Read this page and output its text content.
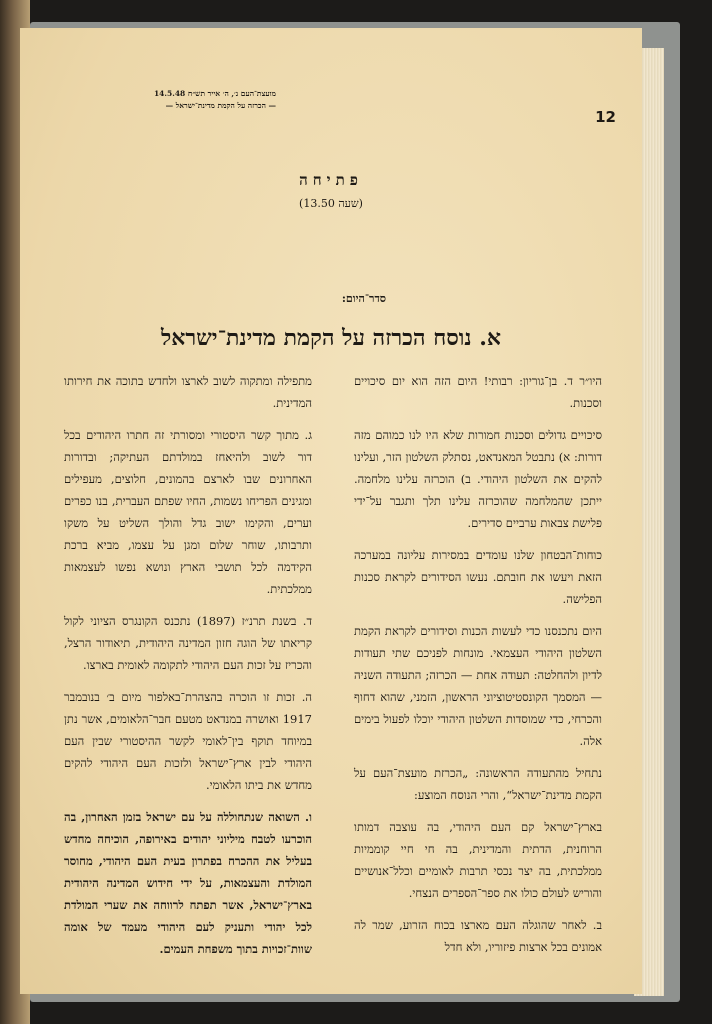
מועצת־העם נ׳, ה׳ אייר תש״ח 14.5.48
— הכרזה על הקמת מדינת־ישראל —
12
פתיחה
(שעה 13.50)
סדר־היום:
א. נוסח הכרזה על הקמת מדינת־ישראל

היו״ר ד. בן־גוריון: רבותי! היום הזה הוא יום סיכויים וסכנות.

סיכויים גדולים וסכנות חמורות שלא היו לנו כמוהם מזה דורות: א) נתבטל המאנדאט, נסתלק השלטון הזר, ועלינו להקים את השלטון היהודי. ב) הוכרזה עלינו מלחמה. ייתכן שהמלחמה שהוכרזה עלינו תלך ותגבר על־ידי פלישת צבאות ערביים סדירים.

כוחות־הבטחון שלנו עומדים במסירות עליונה במערכה הזאת ויעשו את חובתם. נעשו הסידורים לקראת סכנות הפלישה.

היום נתכנסנו כדי לעשות הכנות וסידורים לקראת הקמת השלטון היהודי העצמאי. מונחות לפניכם שתי תעודות לדיון ולהחלטה: תעודה אחת — הכרזה; התעודה השניה — המסמך הקונסטיטוציוני הראשון, הזמני, שהוא דחוף והכרחי, כדי שמוסדות השלטון היהודי יוכלו לפעול בימים אלה.

נתחיל מהתעודה הראשונה: „הכרזת מועצת־העם על הקמת מדינת־ישראל“, והרי הנוסח המוצע:

בארץ־ישראל קם העם היהודי, בה עוצבה דמותו הרוחנית, הדתית והמדינית, בה חי חיי קוממיות ממלכתית, בה יצר נכסי תרבות לאומיים וכלל־אנושיים והוריש לעולם כולו את ספר־הספרים הנצחי.

ב. לאחר שהוגלה העם מארצו בכוח הזרוע, שמר לה אמונים בכל ארצות פיזוריו, ולא חדל

מתפילה ומתקוה לשוב לארצו ולחדש בתוכה את חירותו המדינית.

ג. מתוך קשר היסטורי ומסורתי זה חתרו היהודים בכל דור לשוב ולהיאחז במולדתם העתיקה; ובדורות האחרונים שבו לארצם בהמונים, חלוצים, מעפילים ומגינים הפריחו נשמות, החיו שפתם העברית, בנו כפרים וערים, והקימו ישוב גדל והולך השליט על משקו ותרבותו, שוחר שלום ומגן על עצמו, מביא ברכת הקידמה לכל תושבי הארץ ונושא נפשו לעצמאות ממלכתית.

ד. בשנת תרנ״ז (1897) נתכנס הקונגרס הציוני לקול קריאתו של הוגה חזון המדינה היהודית, תיאודור הרצל, והכריז על זכות העם היהודי לתקומה לאומית בארצו.

ה. זכות זו הוכרה בהצהרת־באלפור מיום ב׳ בנובמבר 1917 ואושרה במנדאט מטעם חבר־הלאומים, אשר נתן במיוחד תוקף בין־לאומי לקשר ההיסטורי שבין העם היהודי לבין ארץ־ישראל ולזכות העם היהודי להקים מחדש את ביתו הלאומי.

ו. השואה שנתחוללה על עם ישראל בזמן האחרון, בה הוכרעו לטבח מיליוני יהודים באירופה, הוכיחה מחדש בעליל את ההכרח בפתרון בעית העם היהודי, מחוסר המולדת והעצמאות, על ידי חידוש המדינה היהודית בארץ־ישראל, אשר תפתח לרווחה את שערי המולדת לכל יהודי ותעניק לעם היהודי מעמד של אומה שוות־זכויות בתוך משפחת העמים.
